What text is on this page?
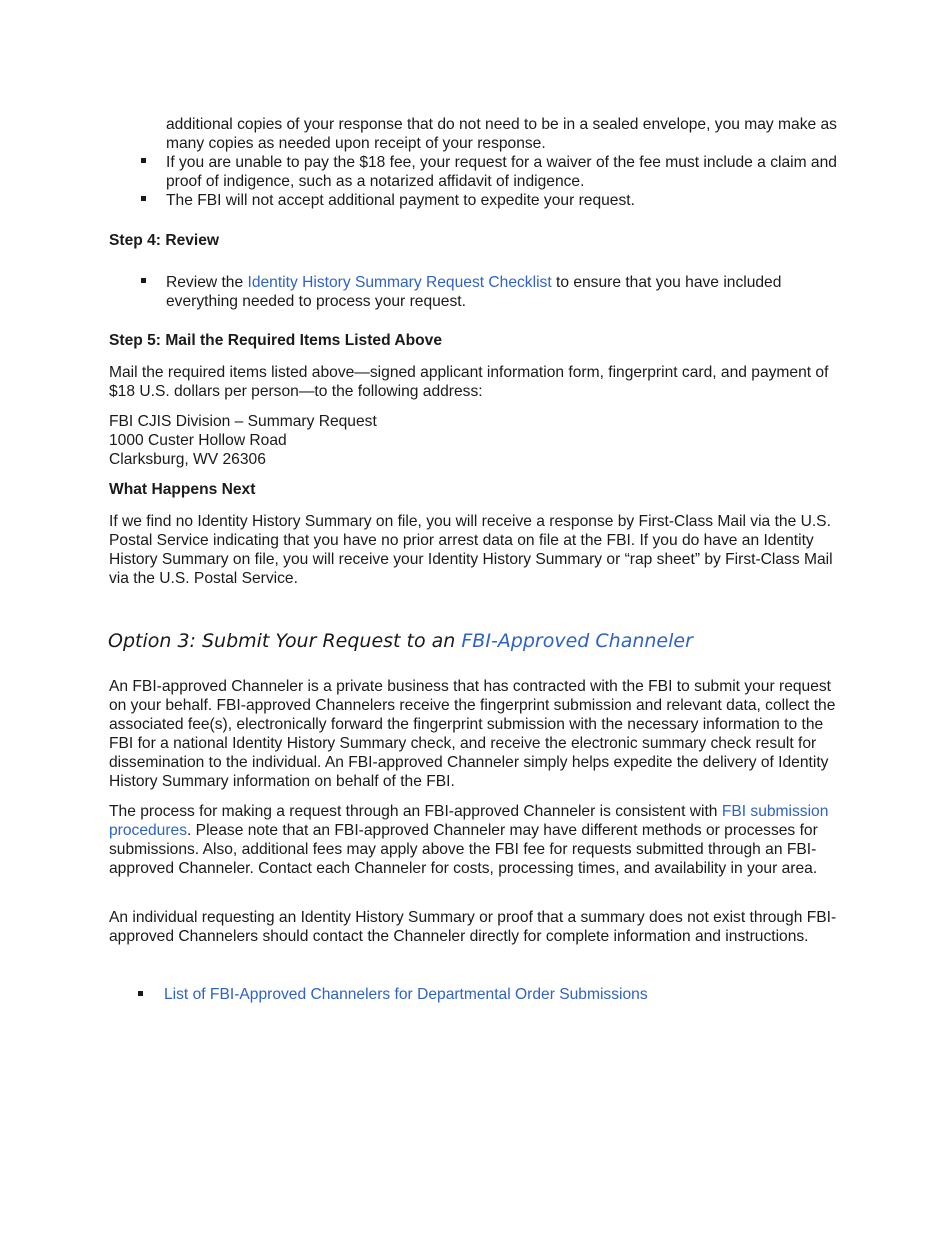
additional copies of your response that do not need to be in a sealed envelope, you may make as many copies as needed upon receipt of your response.

If you are unable to pay the $18 fee, your request for a waiver of the fee must include a claim and proof of indigence, such as a notarized affidavit of indigence.

The FBI will not accept additional payment to expedite your request.

Step 4: Review

Review the Identity History Summary Request Checklist to ensure that you have included everything needed to process your request.

Step 5: Mail the Required Items Listed Above

Mail the required items listed above—signed applicant information form, fingerprint card, and payment of $18 U.S. dollars per person—to the following address:

FBI CJIS Division – Summary Request

1000 Custer Hollow Road

Clarksburg, WV 26306

What Happens Next

If we find no Identity History Summary on file, you will receive a response by First-Class Mail via the U.S. Postal Service indicating that you have no prior arrest data on file at the FBI. If you do have an Identity History Summary on file, you will receive your Identity History Summary or “rap sheet” by First-Class Mail via the U.S. Postal Service.

Option 3: Submit Your Request to an FBI-Approved Channeler

An FBI-approved Channeler is a private business that has contracted with the FBI to submit your request on your behalf. FBI-approved Channelers receive the fingerprint submission and relevant data, collect the associated fee(s), electronically forward the fingerprint submission with the necessary information to the FBI for a national Identity History Summary check, and receive the electronic summary check result for dissemination to the individual. An FBI-approved Channeler simply helps expedite the delivery of Identity History Summary information on behalf of the FBI.

The process for making a request through an FBI-approved Channeler is consistent with FBI submission procedures. Please note that an FBI-approved Channeler may have different methods or processes for submissions. Also, additional fees may apply above the FBI fee for requests submitted through an FBI-approved Channeler. Contact each Channeler for costs, processing times, and availability in your area.

An individual requesting an Identity History Summary or proof that a summary does not exist through FBI-approved Channelers should contact the Channeler directly for complete information and instructions.

List of FBI-Approved Channelers for Departmental Order Submissions
